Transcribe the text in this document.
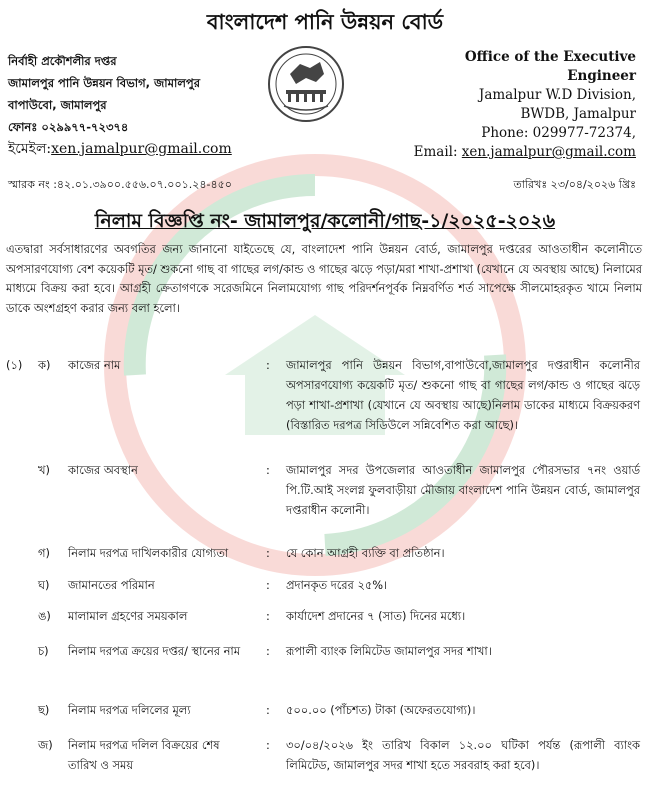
বাংলাদেশ পানি উন্নয়ন বোর্ড
নির্বাহী প্রকৌশলীর দপ্তর
জামালপুর পানি উন্নয়ন বিভাগ, জামালপুর
বাপাউবো, জামালপুর
ফোনঃ ০২৯৯৭৭-৭২৩৭৪
ইমেইল:xen.jamalpur@gmail.com
Office of the Executive
Engineer
Jamalpur W.D Division,
BWDB, Jamalpur
Phone: 029977-72374,
Email: xen.jamalpur@gmail.com
স্মারক নং :৪২.০১.৩৯০০.৫৫৬.০৭.০০১.২৪-৪৫০	তারিখঃ ২৩/০৪/২০২৬ খ্রিঃ
নিলাম বিজ্ঞপ্তি নং- জামালপুর/কলোনী/গাছ-১/২০২৫-২০২৬
এতদ্বারা সর্বসাধারণের অবগতির জন্য জানানো যাইতেছে যে, বাংলাদেশ পানি উন্নয়ন বোর্ড, জামালপুর দপ্তরের আওতাধীন কলোনীতে অপসারণযোগ্য বেশ কয়েকটি মৃত/ শুকনো গাছ বা গাছের লগ/কান্ড ও গাছের ঝড়ে পড়া/মরা শাখা-প্রশাখা (যেখানে যে অবস্থায় আছে) নিলামের মাধ্যমে বিক্রয় করা হবে। আগ্রহী ক্রেতাগণকে সরেজমিনে নিলামযোগ্য গাছ পরিদর্শনপূর্বক নিম্নবর্ণিত শর্ত সাপেক্ষে সীলমোহরকৃত খামে নিলাম ডাকে অংশগ্রহণ করার জন্য বলা হলো।
(১) ক) কাজের নাম	: জামালপুর পানি উন্নয়ন বিভাগ,বাপাউবো,জামালপুর দপ্তরাধীন কলোনীর অপসারণযোগ্য কয়েকটি মৃত/ শুকনো গাছ বা গাছের লগ/কান্ড ও গাছের ঝড়ে পড়া শাখা-প্রশাখা (যেখানে যে অবস্থায় আছে)নিলাম ডাকের মাধ্যমে বিক্রয়করণ (বিস্তারিত দরপত্র সিডিউলে সন্নিবেশিত করা আছে)।
খ) কাজের অবস্থান	: জামালপুর সদর উপজেলার আওতাধীন জামালপুর পৌরসভার ৭নং ওয়ার্ড পি.টি.আই সংলগ্ন ফুলবাড়ীয়া মৌজায় বাংলাদেশ পানি উন্নয়ন বোর্ড, জামালপুর দপ্তরাধীন কলোনী।
গ) নিলাম দরপত্র দাখিলকারীর যোগ্যতা	: যে কোন আগ্রহী ব্যক্তি বা প্রতিষ্ঠান।
ঘ) জামানতের পরিমান	: প্রদানকৃত দরের ২৫%।
ঙ) মালামাল গ্রহণের সময়কাল	: কার্যাদেশ প্রদানের ৭ (সাত) দিনের মধ্যে।
চ) নিলাম দরপত্র ক্রয়ের দপ্তর/ স্থানের নাম	: রূপালী ব্যাংক লিমিটেড জামালপুর সদর শাখা।
ছ) নিলাম দরপত্র দলিলের মূল্য	: ৫০০.০০ (পাঁচশত) টাকা (অফেরতযোগ্য)।
জ) নিলাম দরপত্র দলিল বিক্রয়ের শেষ তারিখ ও সময়
: ৩০/০৪/২০২৬ ইং তারিখ বিকাল ১২.০০ ঘটিকা পর্যন্ত (রূপালী ব্যাংক লিমিটেড, জামালপুর সদর শাখা হতে সরবরাহ করা হবে)।
